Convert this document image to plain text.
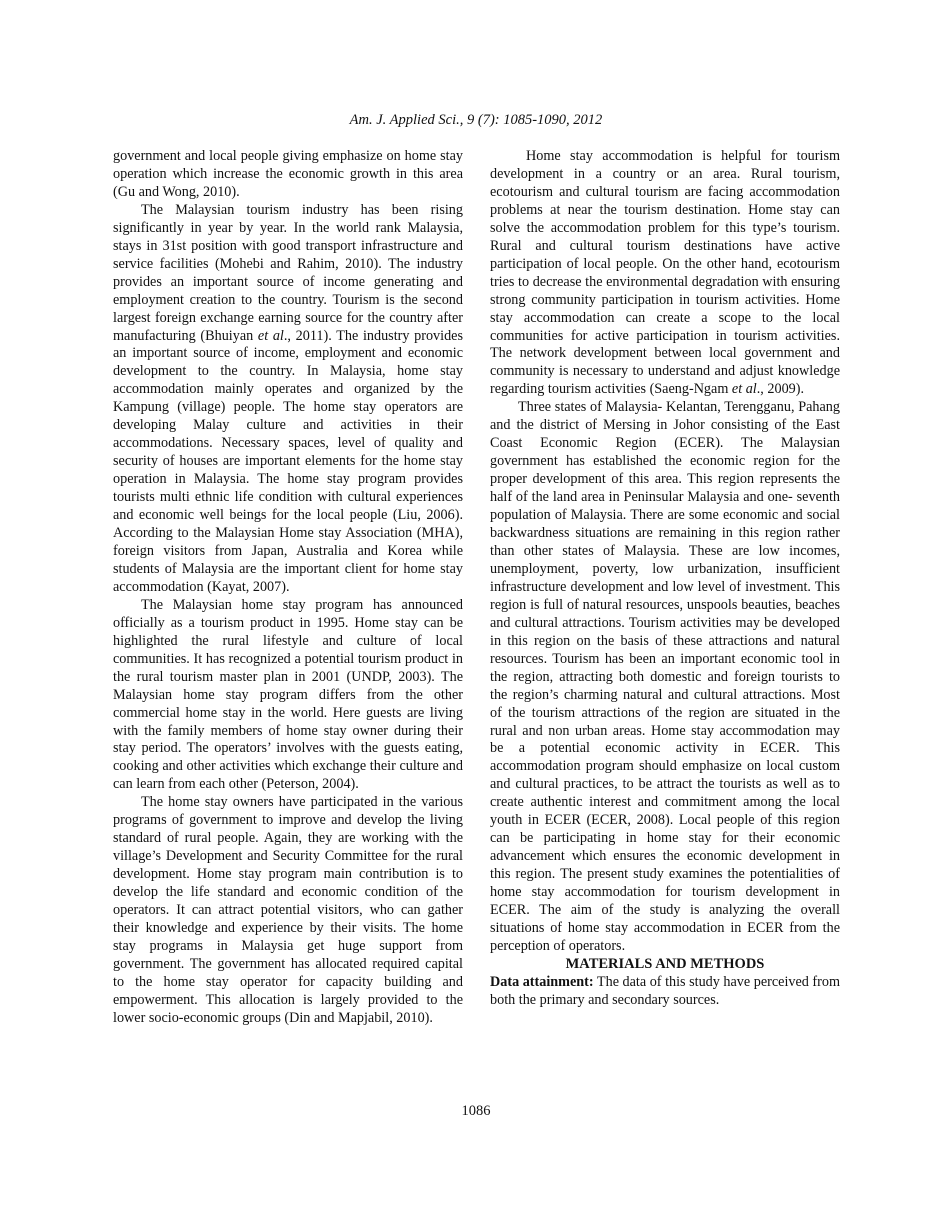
Am. J. Applied Sci., 9 (7): 1085-1090, 2012

government and local people giving emphasize on home stay operation which increase the economic growth in this area (Gu and Wong, 2010).

The Malaysian tourism industry has been rising significantly in year by year. In the world rank Malaysia, stays in 31st position with good transport infrastructure and service facilities (Mohebi and Rahim, 2010). The industry provides an important source of income generating and employment creation to the country. Tourism is the second largest foreign exchange earning source for the country after manufacturing (Bhuiyan et al., 2011). The industry provides an important source of income, employment and economic development to the country. In Malaysia, home stay accommodation mainly operates and organized by the Kampung (village) people. The home stay operators are developing Malay culture and activities in their accommodations. Necessary spaces, level of quality and security of houses are important elements for the home stay operation in Malaysia. The home stay program provides tourists multi ethnic life condition with cultural experiences and economic well beings for the local people (Liu, 2006). According to the Malaysian Home stay Association (MHA), foreign visitors from Japan, Australia and Korea while students of Malaysia are the important client for home stay accommodation (Kayat, 2007).

The Malaysian home stay program has announced officially as a tourism product in 1995. Home stay can be highlighted the rural lifestyle and culture of local communities. It has recognized a potential tourism product in the rural tourism master plan in 2001 (UNDP, 2003). The Malaysian home stay program differs from the other commercial home stay in the world. Here guests are living with the family members of home stay owner during their stay period. The operators’ involves with the guests eating, cooking and other activities which exchange their culture and can learn from each other (Peterson, 2004).

The home stay owners have participated in the various programs of government to improve and develop the living standard of rural people. Again, they are working with the village’s Development and Security Committee for the rural development. Home stay program main contribution is to develop the life standard and economic condition of the operators. It can attract potential visitors, who can gather their knowledge and experience by their visits. The home stay programs in Malaysia get huge support from government. The government has allocated required capital to the home stay operator for capacity building and empowerment. This allocation is largely provided to the lower socio-economic groups (Din and Mapjabil, 2010).

Home stay accommodation is helpful for tourism development in a country or an area. Rural tourism, ecotourism and cultural tourism are facing accommodation problems at near the tourism destination. Home stay can solve the accommodation problem for this type’s tourism. Rural and cultural tourism destinations have active participation of local people. On the other hand, ecotourism tries to decrease the environmental degradation with ensuring strong community participation in tourism activities. Home stay accommodation can create a scope to the local communities for active participation in tourism activities. The network development between local government and community is necessary to understand and adjust knowledge regarding tourism activities (Saeng-Ngam et al., 2009).

Three states of Malaysia- Kelantan, Terengganu, Pahang and the district of Mersing in Johor consisting of the East Coast Economic Region (ECER). The Malaysian government has established the economic region for the proper development of this area. This region represents the half of the land area in Peninsular Malaysia and one- seventh population of Malaysia. There are some economic and social backwardness situations are remaining in this region rather than other states of Malaysia. These are low incomes, unemployment, poverty, low urbanization, insufficient infrastructure development and low level of investment. This region is full of natural resources, unspools beauties, beaches and cultural attractions. Tourism activities may be developed in this region on the basis of these attractions and natural resources. Tourism has been an important economic tool in the region, attracting both domestic and foreign tourists to the region’s charming natural and cultural attractions. Most of the tourism attractions of the region are situated in the rural and non urban areas. Home stay accommodation may be a potential economic activity in ECER. This accommodation program should emphasize on local custom and cultural practices, to be attract the tourists as well as to create authentic interest and commitment among the local youth in ECER (ECER, 2008). Local people of this region can be participating in home stay for their economic advancement which ensures the economic development in this region. The present study examines the potentialities of home stay accommodation for tourism development in ECER. The aim of the study is analyzing the overall situations of home stay accommodation in ECER from the perception of operators.

MATERIALS AND METHODS

Data attainment: The data of this study have perceived from both the primary and secondary sources.

1086
